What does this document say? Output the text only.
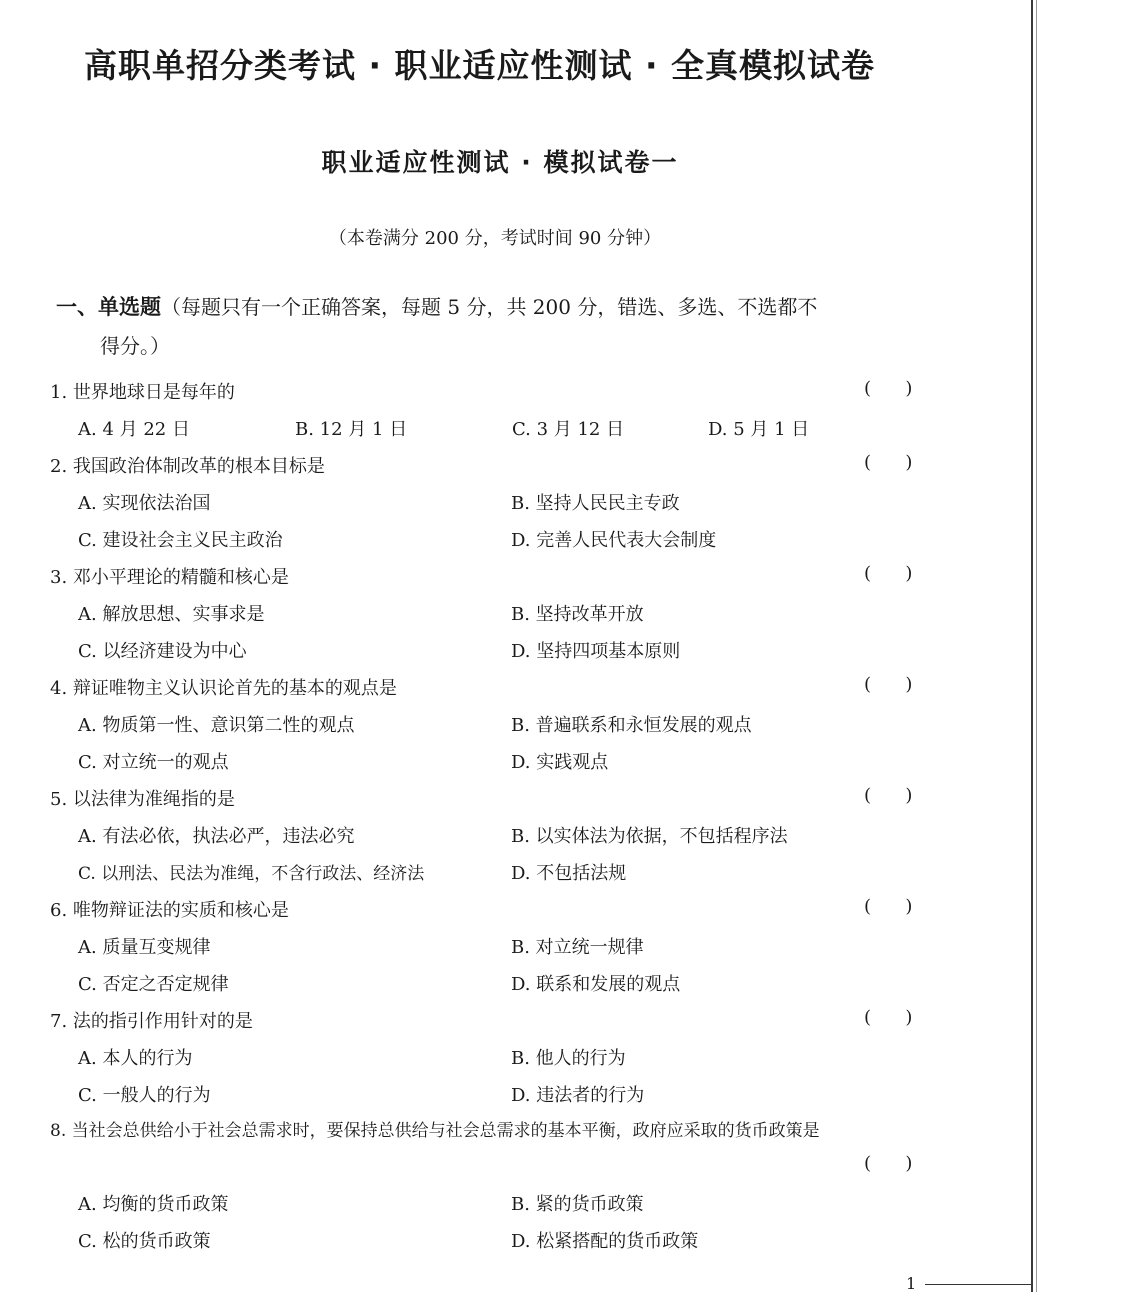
高职单招分类考试 · 职业适应性测试 · 全真模拟试卷
职业适应性测试 · 模拟试卷一
（本卷满分 200 分，考试时间 90 分钟）
一、单选题（每题只有一个正确答案，每题 5 分，共 200 分，错选、多选、不选都不
得分。）
1. 世界地球日是每年的	(      )
A. 4 月 22 日	B. 12 月 1 日	C. 3 月 12 日	D. 5 月 1 日
2. 我国政治体制改革的根本目标是	(      )
A. 实现依法治国	B. 坚持人民民主专政
C. 建设社会主义民主政治	D. 完善人民代表大会制度
3. 邓小平理论的精髓和核心是	(      )
A. 解放思想、实事求是	B. 坚持改革开放
C. 以经济建设为中心	D. 坚持四项基本原则
4. 辩证唯物主义认识论首先的基本的观点是	(      )
A. 物质第一性、意识第二性的观点	B. 普遍联系和永恒发展的观点
C. 对立统一的观点	D. 实践观点
5. 以法律为准绳指的是	(      )
A. 有法必依，执法必严，违法必究	B. 以实体法为依据，不包括程序法
C. 以刑法、民法为准绳，不含行政法、经济法	D. 不包括法规
6. 唯物辩证法的实质和核心是	(      )
A. 质量互变规律	B. 对立统一规律
C. 否定之否定规律	D. 联系和发展的观点
7. 法的指引作用针对的是	(      )
A. 本人的行为	B. 他人的行为
C. 一般人的行为	D. 违法者的行为
8. 当社会总供给小于社会总需求时，要保持总供给与社会总需求的基本平衡，政府应采取的货币政策是
(      )
A. 均衡的货币政策	B. 紧的货币政策
C. 松的货币政策	D. 松紧搭配的货币政策
1
